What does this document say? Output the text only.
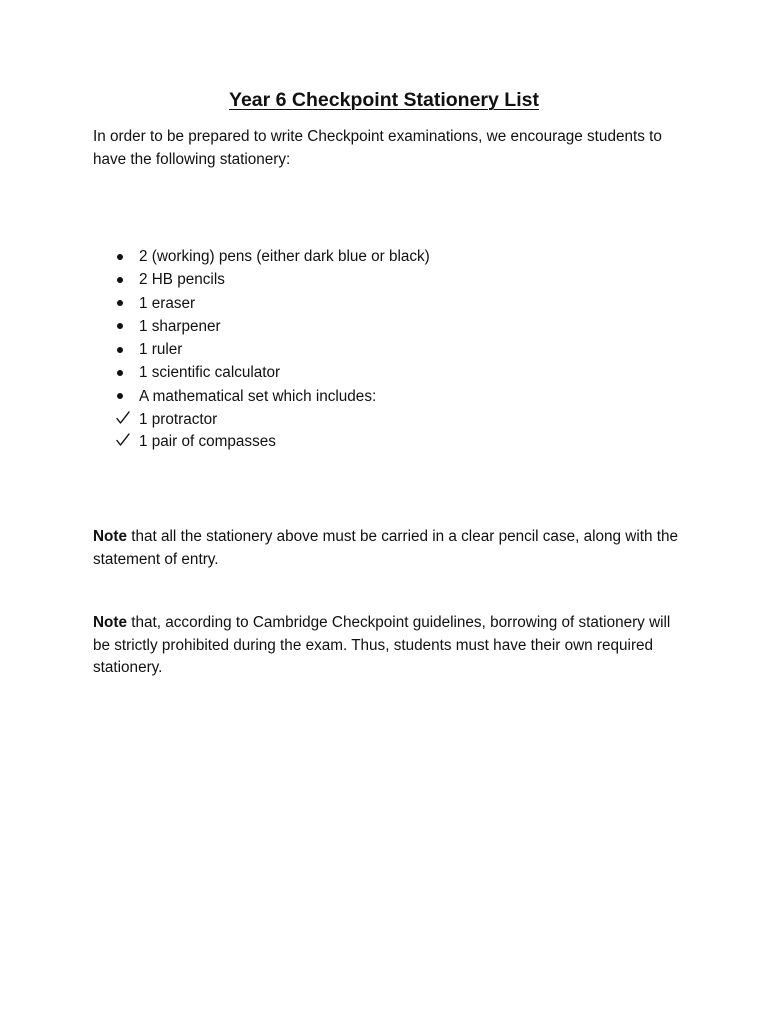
Year 6 Checkpoint Stationery List
In order to be prepared to write Checkpoint examinations, we encourage students to have the following stationery:
2 (working) pens (either dark blue or black)
2 HB pencils
1 eraser
1 sharpener
1 ruler
1 scientific calculator
A mathematical set which includes:
1 protractor
1 pair of compasses
Note that all the stationery above must be carried in a clear pencil case, along with the statement of entry.
Note that, according to Cambridge Checkpoint guidelines, borrowing of stationery will be strictly prohibited during the exam. Thus, students must have their own required stationery.
